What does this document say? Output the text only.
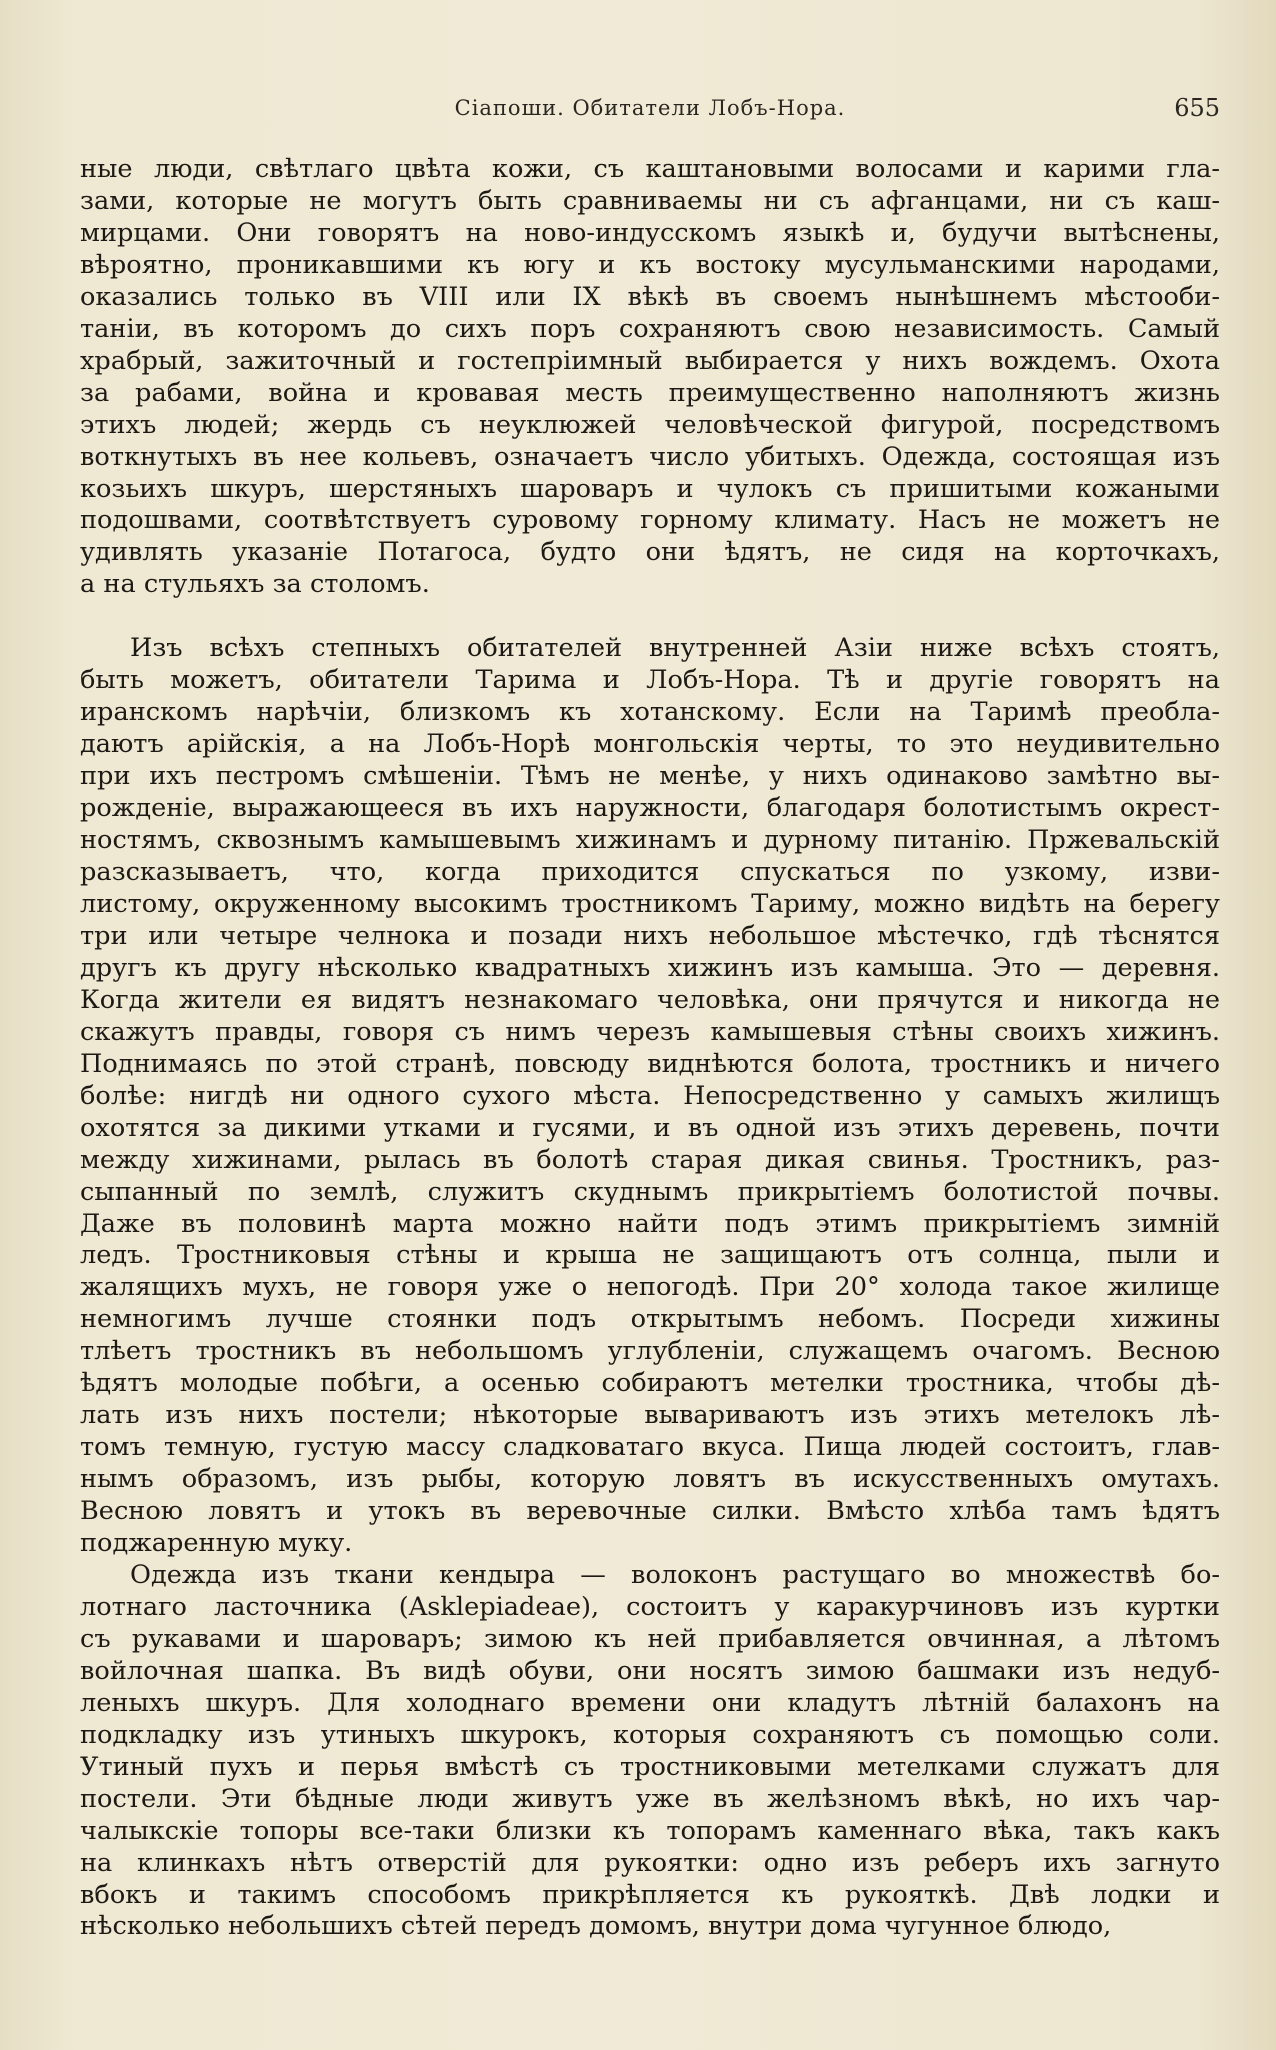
Сіапоши. Обитатели Лобъ-Нора.	655
ные люди, свѣтлаго цвѣта кожи, съ каштановыми волосами и карими гла-
зами, которые не могутъ быть сравниваемы ни съ афганцами, ни съ каш-
мирцами. Они говорятъ на ново-индусскомъ языкѣ и, будучи вытѣснены,
вѣроятно, проникавшими къ югу и къ востоку мусульманскими народами,
оказались только въ VIII или IX вѣкѣ въ своемъ нынѣшнемъ мѣстооби-
таніи, въ которомъ до сихъ поръ сохраняютъ свою независимость. Самый
храбрый, зажиточный и гостепріимный выбирается у нихъ вождемъ. Охота
за рабами, война и кровавая месть преимущественно наполняютъ жизнь
этихъ людей; жердь съ неуклюжей человѣческой фигурой, посредствомъ
воткнутыхъ въ нее кольевъ, означаетъ число убитыхъ. Одежда, состоящая изъ
козьихъ шкуръ, шерстяныхъ шароваръ и чулокъ съ пришитыми кожаными
подошвами, соотвѣтствуетъ суровому горному климату. Насъ не можетъ не
удивлять указаніе Потагоса, будто они ѣдятъ, не сидя на корточкахъ,
а на стульяхъ за столомъ.
Изъ всѣхъ степныхъ обитателей внутренней Азіи ниже всѣхъ стоятъ,
быть можетъ, обитатели Тарима и Лобъ-Нора. Тѣ и другіе говорятъ на
иранскомъ нарѣчіи, близкомъ къ хотанскому. Если на Таримѣ преобла-
даютъ арійскія, а на Лобъ-Норѣ монгольскія черты, то это неудивительно
при ихъ пестромъ смѣшеніи. Тѣмъ не менѣе, у нихъ одинаково замѣтно вы-
рожденіе, выражающееся въ ихъ наружности, благодаря болотистымъ окрест-
ностямъ, сквознымъ камышевымъ хижинамъ и дурному питанію. Пржевальскій
разсказываетъ, что, когда приходится спускаться по узкому, изви-
листому, окруженному высокимъ тростникомъ Тариму, можно видѣть на берегу
три или четыре челнока и позади нихъ небольшое мѣстечко, гдѣ тѣснятся
другъ къ другу нѣсколько квадратныхъ хижинъ изъ камыша. Это — деревня.
Когда жители ея видятъ незнакомаго человѣка, они прячутся и никогда не
скажутъ правды, говоря съ нимъ черезъ камышевыя стѣны своихъ хижинъ.
Поднимаясь по этой странѣ, повсюду виднѣются болота, тростникъ и ничего
болѣе: нигдѣ ни одного сухого мѣста. Непосредственно у самыхъ жилищъ
охотятся за дикими утками и гусями, и въ одной изъ этихъ деревень, почти
между хижинами, рылась въ болотѣ старая дикая свинья. Тростникъ, раз-
сыпанный по землѣ, служитъ скуднымъ прикрытіемъ болотистой почвы.
Даже въ половинѣ марта можно найти подъ этимъ прикрытіемъ зимній
ледъ. Тростниковыя стѣны и крыша не защищаютъ отъ солнца, пыли и
жалящихъ мухъ, не говоря уже о непогодѣ. При 20° холода такое жилище
немногимъ лучше стоянки подъ открытымъ небомъ. Посреди хижины
тлѣетъ тростникъ въ небольшомъ углубленіи, служащемъ очагомъ. Весною
ѣдятъ молодые побѣги, а осенью собираютъ метелки тростника, чтобы дѣ-
лать изъ нихъ постели; нѣкоторые вывариваютъ изъ этихъ метелокъ лѣ-
томъ темную, густую массу сладковатаго вкуса. Пища людей состоитъ, глав-
нымъ образомъ, изъ рыбы, которую ловятъ въ искусственныхъ омутахъ.
Весною ловятъ и утокъ въ веревочные силки. Вмѣсто хлѣба тамъ ѣдятъ
поджаренную муку.
Одежда изъ ткани кендыра — волоконъ растущаго во множествѣ бо-
лотнаго ласточника (Asklepiadeae), состоитъ у каракурчиновъ изъ куртки
съ рукавами и шароваръ; зимою къ ней прибавляется овчинная, а лѣтомъ
войлочная шапка. Въ видѣ обуви, они носятъ зимою башмаки изъ недуб-
леныхъ шкуръ. Для холоднаго времени они кладутъ лѣтній балахонъ на
подкладку изъ утиныхъ шкурокъ, которыя сохраняютъ съ помощью соли.
Утиный пухъ и перья вмѣстѣ съ тростниковыми метелками служатъ для
постели. Эти бѣдные люди живутъ уже въ желѣзномъ вѣкѣ, но ихъ чар-
чалыкскіе топоры все-таки близки къ топорамъ каменнаго вѣка, такъ какъ
на клинкахъ нѣтъ отверстій для рукоятки: одно изъ реберъ ихъ загнуто
вбокъ и такимъ способомъ прикрѣпляется къ рукояткѣ. Двѣ лодки и
нѣсколько небольшихъ сѣтей передъ домомъ, внутри дома чугунное блюдо,
